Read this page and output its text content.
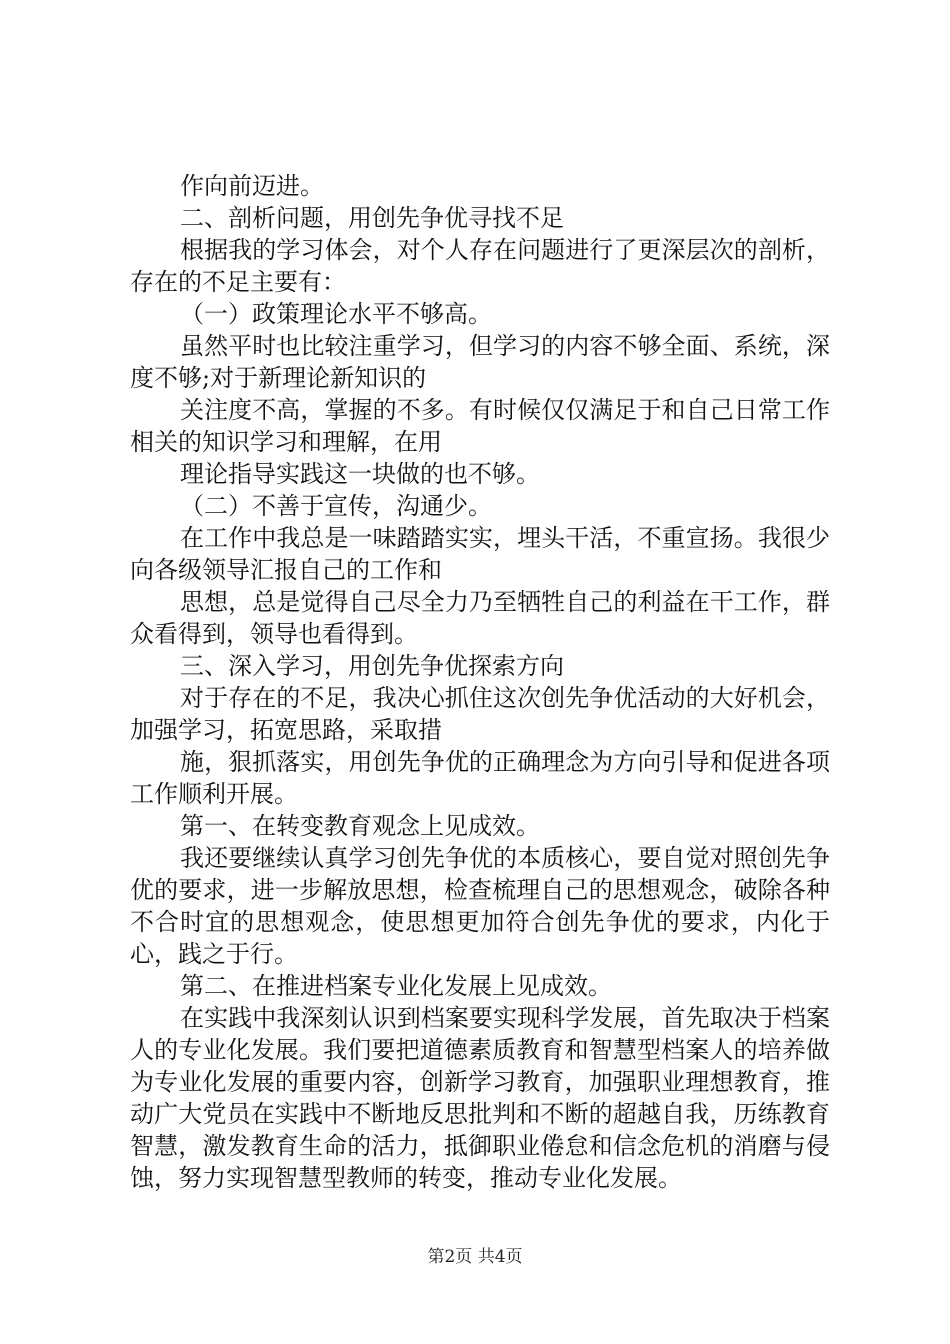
作向前迈进。

二、剖析问题，用创先争优寻找不足

根据我的学习体会，对个人存在问题进行了更深层次的剖析，存在的不足主要有：

（一）政策理论水平不够高。

虽然平时也比较注重学习，但学习的内容不够全面、系统，深度不够;对于新理论新知识的

关注度不高，掌握的不多。有时候仅仅满足于和自己日常工作相关的知识学习和理解，在用

理论指导实践这一块做的也不够。

（二）不善于宣传，沟通少。

在工作中我总是一味踏踏实实，埋头干活，不重宣扬。我很少向各级领导汇报自己的工作和

思想，总是觉得自己尽全力乃至牺牲自己的利益在干工作，群众看得到，领导也看得到。

三、深入学习，用创先争优探索方向

对于存在的不足，我决心抓住这次创先争优活动的大好机会，加强学习，拓宽思路，采取措

施，狠抓落实，用创先争优的正确理念为方向引导和促进各项工作顺利开展。

第一、在转变教育观念上见成效。

我还要继续认真学习创先争优的本质核心，要自觉对照创先争优的要求，进一步解放思想，检查梳理自己的思想观念，破除各种不合时宜的思想观念，使思想更加符合创先争优的要求，内化于心，践之于行。

第二、在推进档案专业化发展上见成效。

在实践中我深刻认识到档案要实现科学发展，首先取决于档案人的专业化发展。我们要把道德素质教育和智慧型档案人的培养做为专业化发展的重要内容，创新学习教育，加强职业理想教育，推动广大党员在实践中不断地反思批判和不断的超越自我，历练教育智慧，激发教育生命的活力，抵御职业倦怠和信念危机的消磨与侵蚀，努力实现智慧型教师的转变，推动专业化发展。

第2页 共4页
